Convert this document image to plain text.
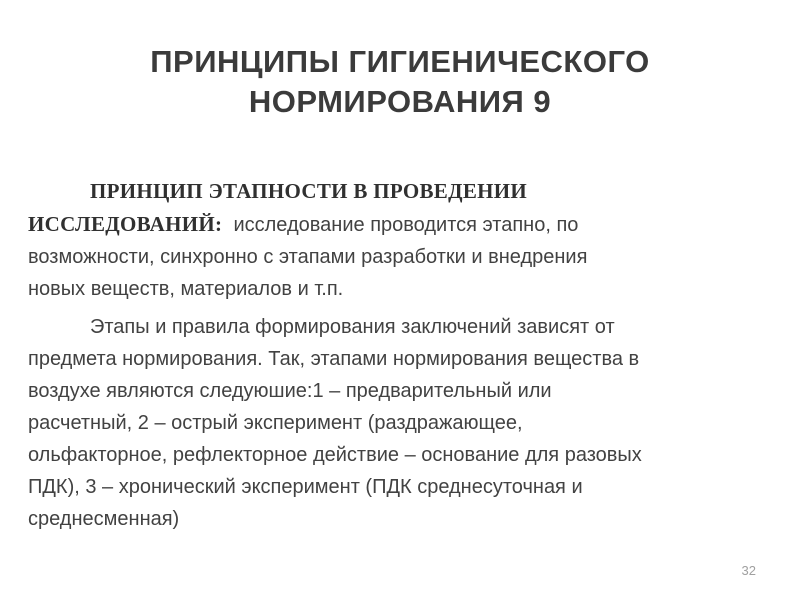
ПРИНЦИПЫ ГИГИЕНИЧЕСКОГО
НОРМИРОВАНИЯ 9
ПРИНЦИП ЭТАПНОСТИ В ПРОВЕДЕНИИ
ИССЛЕДОВАНИЙ:  исследование проводится этапно, по
возможности, синхронно с этапами разработки и внедрения
новых веществ, материалов и т.п.
Этапы и правила формирования заключений зависят от
предмета нормирования. Так, этапами нормирования вещества в
воздухе являются следуюшие:1 – предварительный или
расчетный, 2 – острый эксперимент (раздражающее,
ольфакторное, рефлекторное действие – основание для разовых
ПДК), 3 – хронический эксперимент (ПДК среднесуточная и
среднесменная)
32
